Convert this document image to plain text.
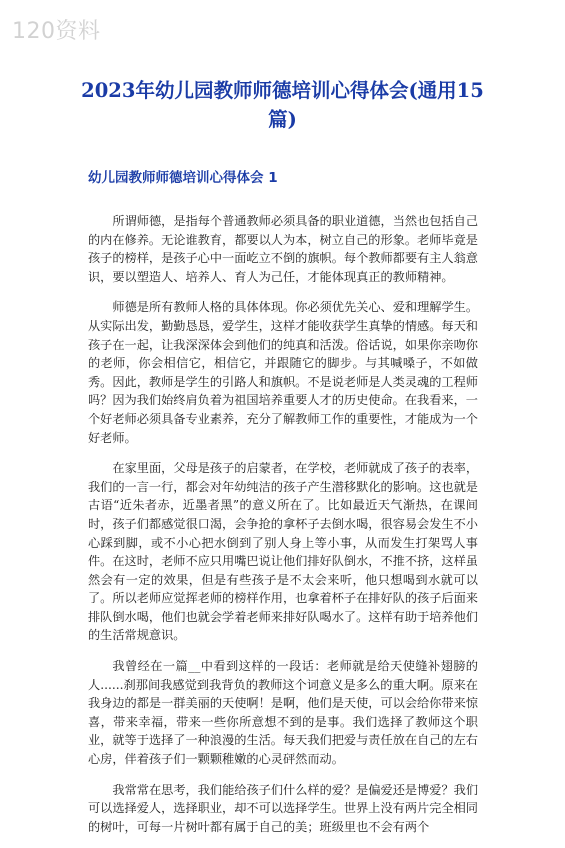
120资料
2023年幼儿园教师师德培训心得体会(通用15篇)
幼儿园教师师德培训心得体会 1

所谓师德，是指每个普通教师必须具备的职业道德，当然也包括自己的内在修养。无论谁教育，都要以人为本，树立自己的形象。老师毕竟是孩子的榜样，是孩子心中一面屹立不倒的旗帜。每个教师都要有主人翁意识，要以塑造人、培养人、育人为己任，才能体现真正的教师精神。

师德是所有教师人格的具体体现。你必须优先关心、爱和理解学生。从实际出发，勤勤恳恳，爱学生，这样才能收获学生真挚的情感。每天和孩子在一起，让我深深体会到他们的纯真和活泼。俗话说，如果你亲吻你的老师，你会相信它，相信它，并跟随它的脚步。与其喊嗓子，不如做秀。因此，教师是学生的引路人和旗帜。不是说老师是人类灵魂的工程师吗？因为我们始终肩负着为祖国培养重要人才的历史使命。在我看来，一个好老师必须具备专业素养，充分了解教师工作的重要性，才能成为一个好老师。

在家里面，父母是孩子的启蒙者，在学校，老师就成了孩子的表率，我们的一言一行，都会对年幼纯洁的孩子产生潜移默化的影响。这也就是古语“近朱者赤，近墨者黑”的意义所在了。比如最近天气渐热，在课间时，孩子们都感觉很口渴，会争抢的拿杯子去倒水喝，很容易会发生不小心踩到脚，或不小心把水倒到了别人身上等小事，从而发生打架骂人事件。在这时，老师不应只用嘴巴说让他们排好队倒水，不推不挤，这样虽然会有一定的效果，但是有些孩子是不太会来听，他只想喝到水就可以了。所以老师应觉挥老师的榜样作用，也拿着杯子在排好队的孩子后面来排队倒水喝，他们也就会学着老师来排好队喝水了。这样有助于培养他们的生活常规意识。

我曾经在一篇__中看到这样的一段话：老师就是给天使缝补翅膀的人......刹那间我感觉到我背负的教师这个词意义是多么的重大啊。原来在我身边的都是一群美丽的天使啊！是啊，他们是天使，可以会给你带来惊喜，带来幸福，带来一些你所意想不到的是事。我们选择了教师这个职业，就等于选择了一种浪漫的生活。每天我们把爱与责任放在自己的左右心房，伴着孩子们一颗颗稚嫩的心灵砰然而动。

我常常在思考，我们能给孩子们什么样的爱？是偏爱还是博爱？我们可以选择爱人，选择职业，却不可以选择学生。世界上没有两片完全相同的树叶，可每一片树叶都有属于自己的美；班级里也不会有两个
